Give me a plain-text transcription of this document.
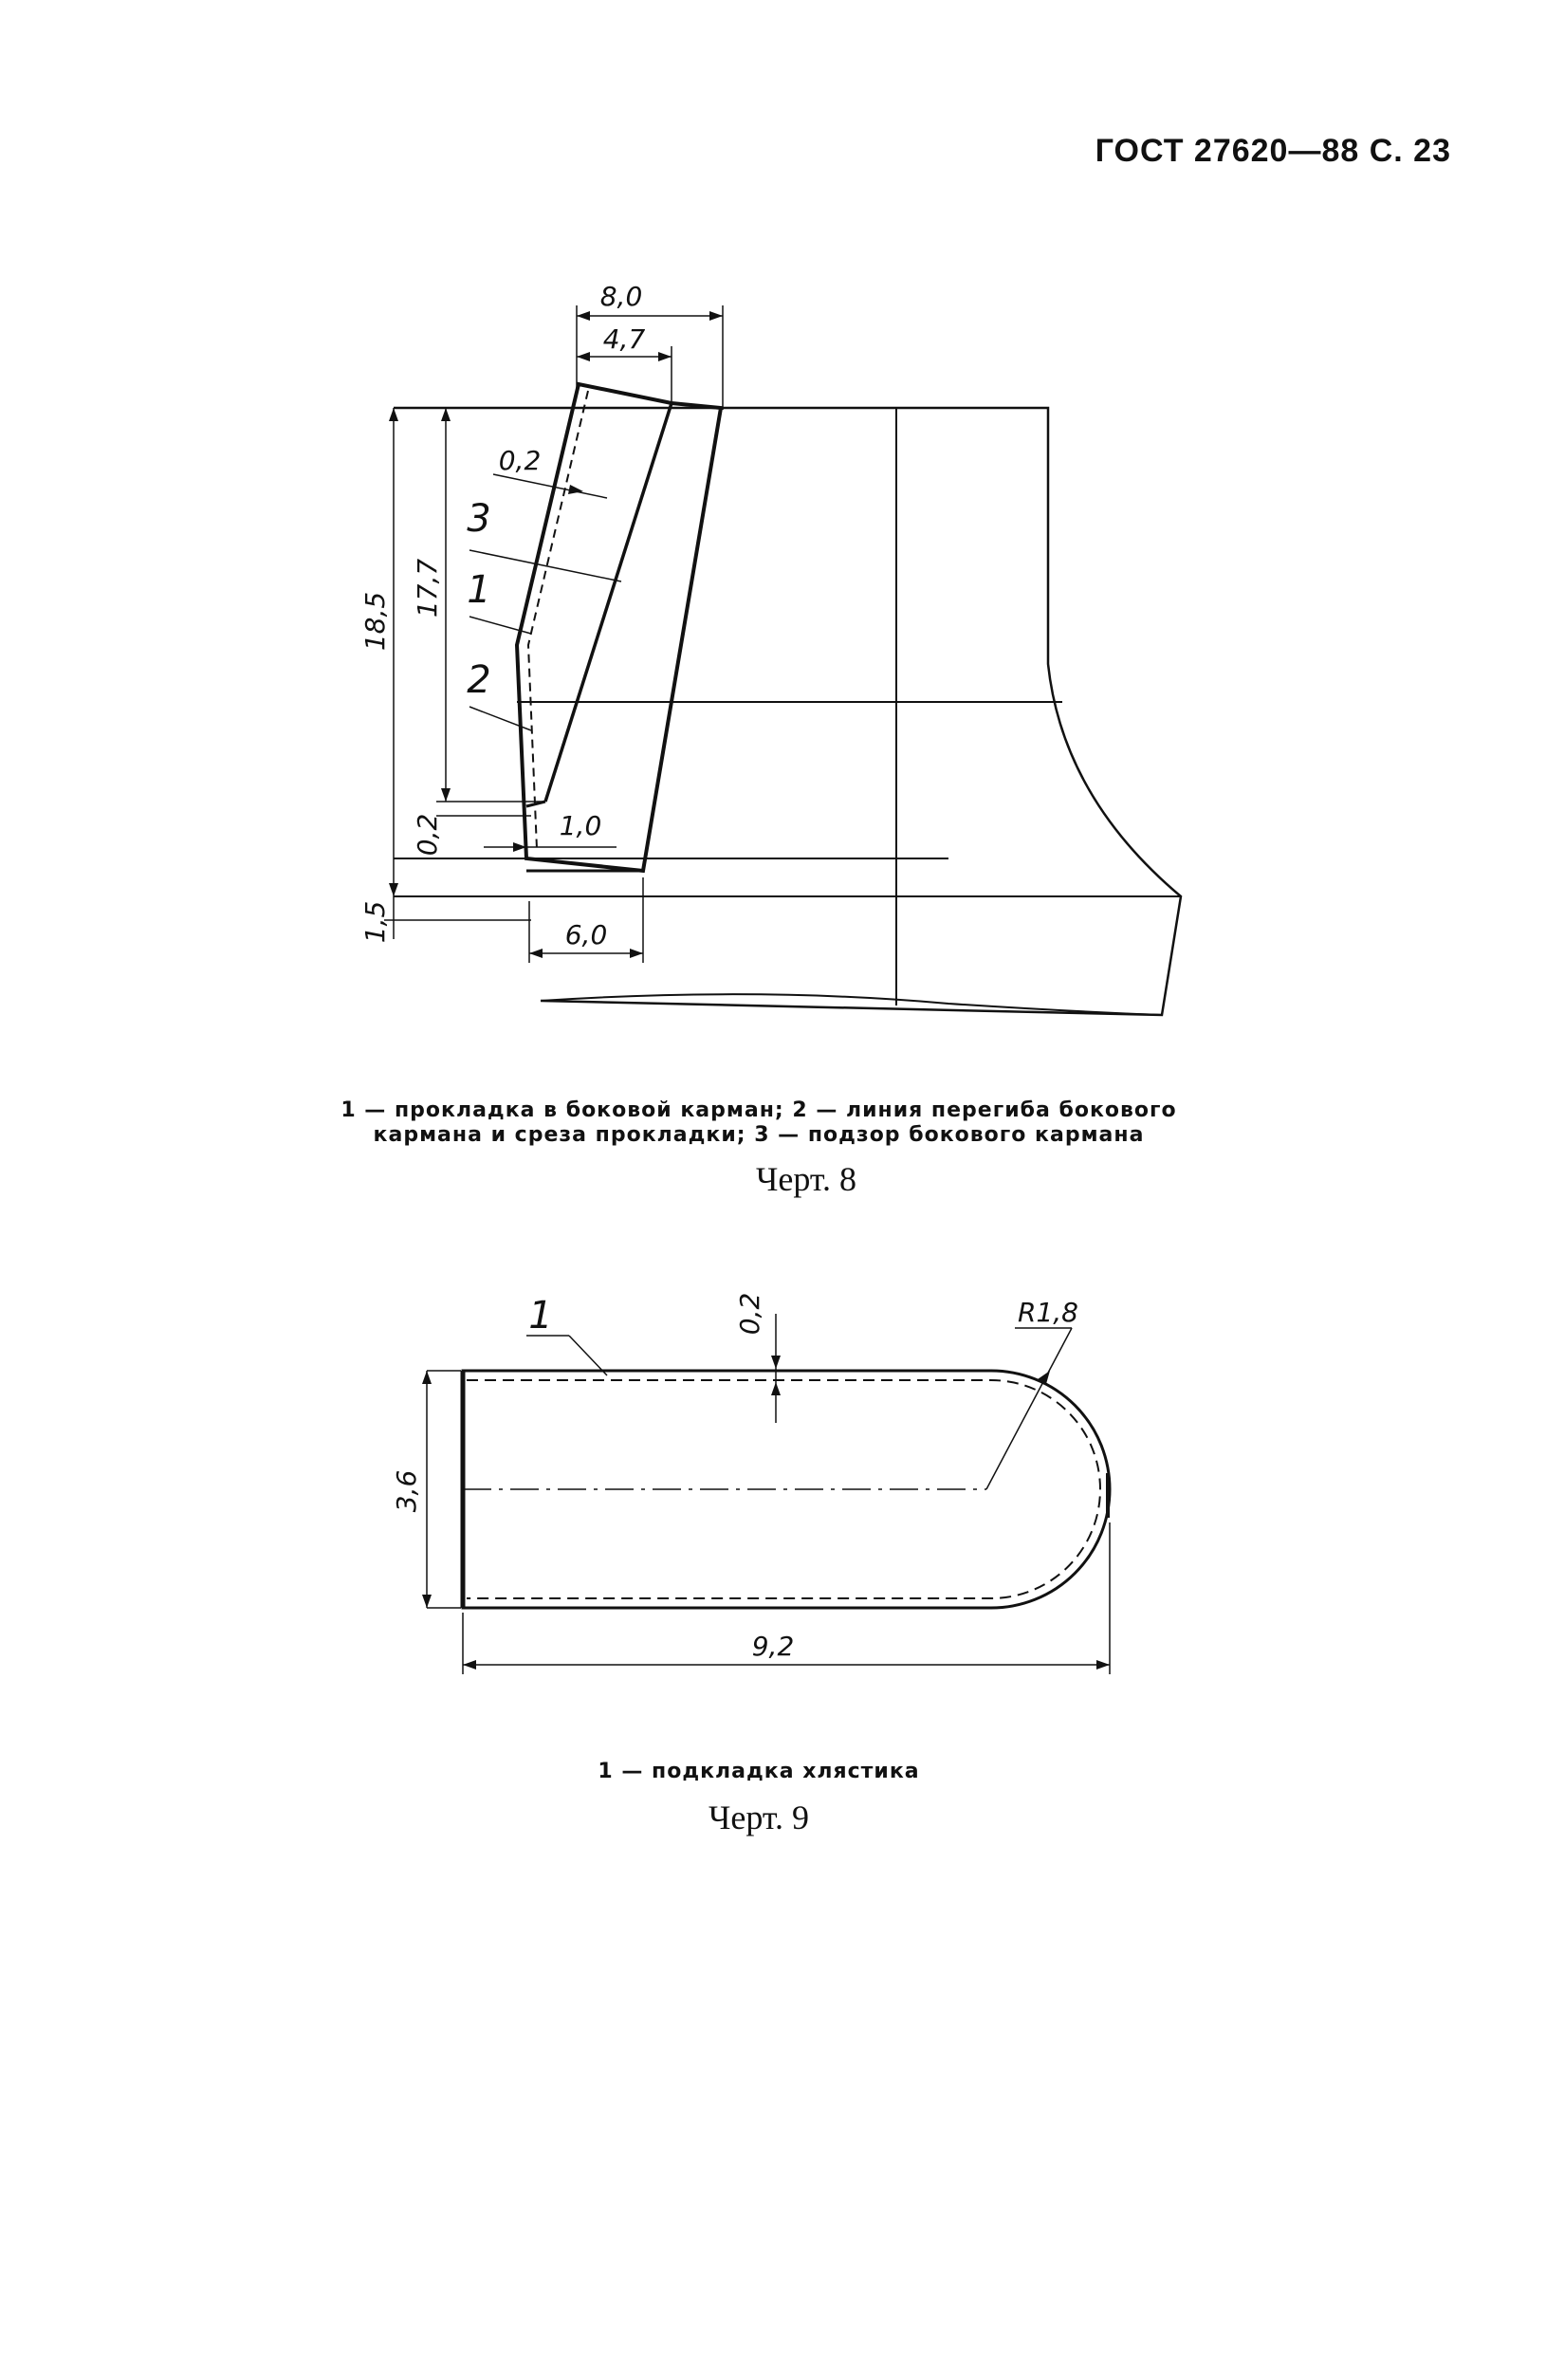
ГОСТ 27620—88 С. 23
8,0
4,7
0,2
18,5
17,7
0,2
1,5
1,0
6,0
3
1
2
0,2	R1,8
3,6
9,2
1
1 — прокладка в боковой карман; 2 — линия перегиба бокового
кармана и среза прокладки; 3 — подзор бокового кармана
Черт. 8
1 — подкладка хлястика
Черт. 9
